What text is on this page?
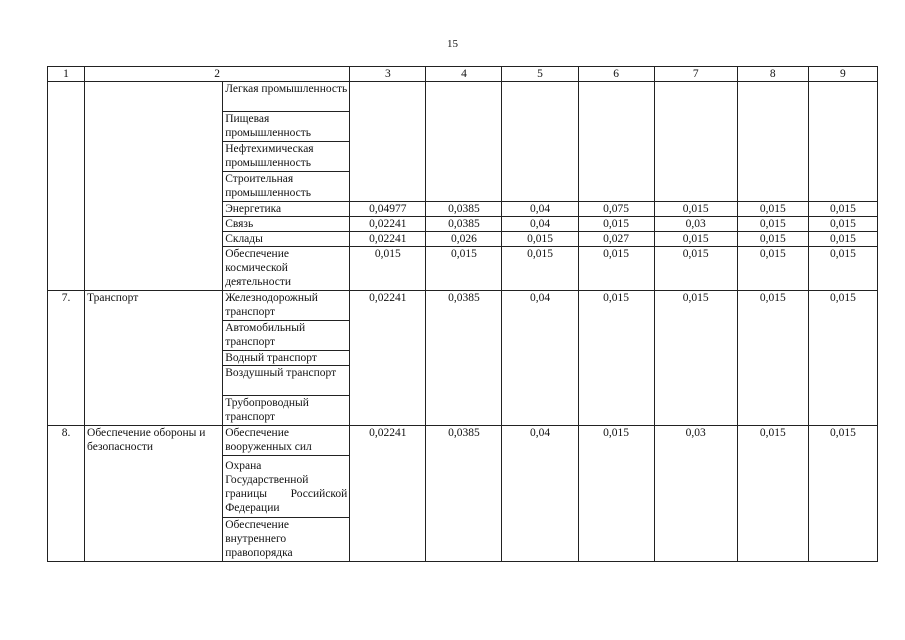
15
1	2		3	4	5	6	7	8	9
		Легкая промышленность							
		Пищевая промышленность							
		Нефтехимическая промышленность							
		Строительная промышленность							
		Энергетика	0,04977	0,0385	0,04	0,075	0,015	0,015	0,015
		Связь	0,02241	0,0385	0,04	0,015	0,03	0,015	0,015
		Склады	0,02241	0,026	0,015	0,027	0,015	0,015	0,015
		Обеспечение космической деятельности	0,015	0,015	0,015	0,015	0,015	0,015	0,015
7.	Транспорт	Железнодорожный транспорт	0,02241	0,0385	0,04	0,015	0,015	0,015	0,015
		Автомобильный транспорт							
		Водный транспорт							
		Воздушный транспорт							
		Трубопроводный транспорт							
8.	Обеспечение обороны и безопасности	Обеспечение вооруженных сил	0,02241	0,0385	0,04	0,015	0,03	0,015	0,015
		Охрана Государственной границы Российской Федерации							
		Обеспечение внутреннего правопорядка							
